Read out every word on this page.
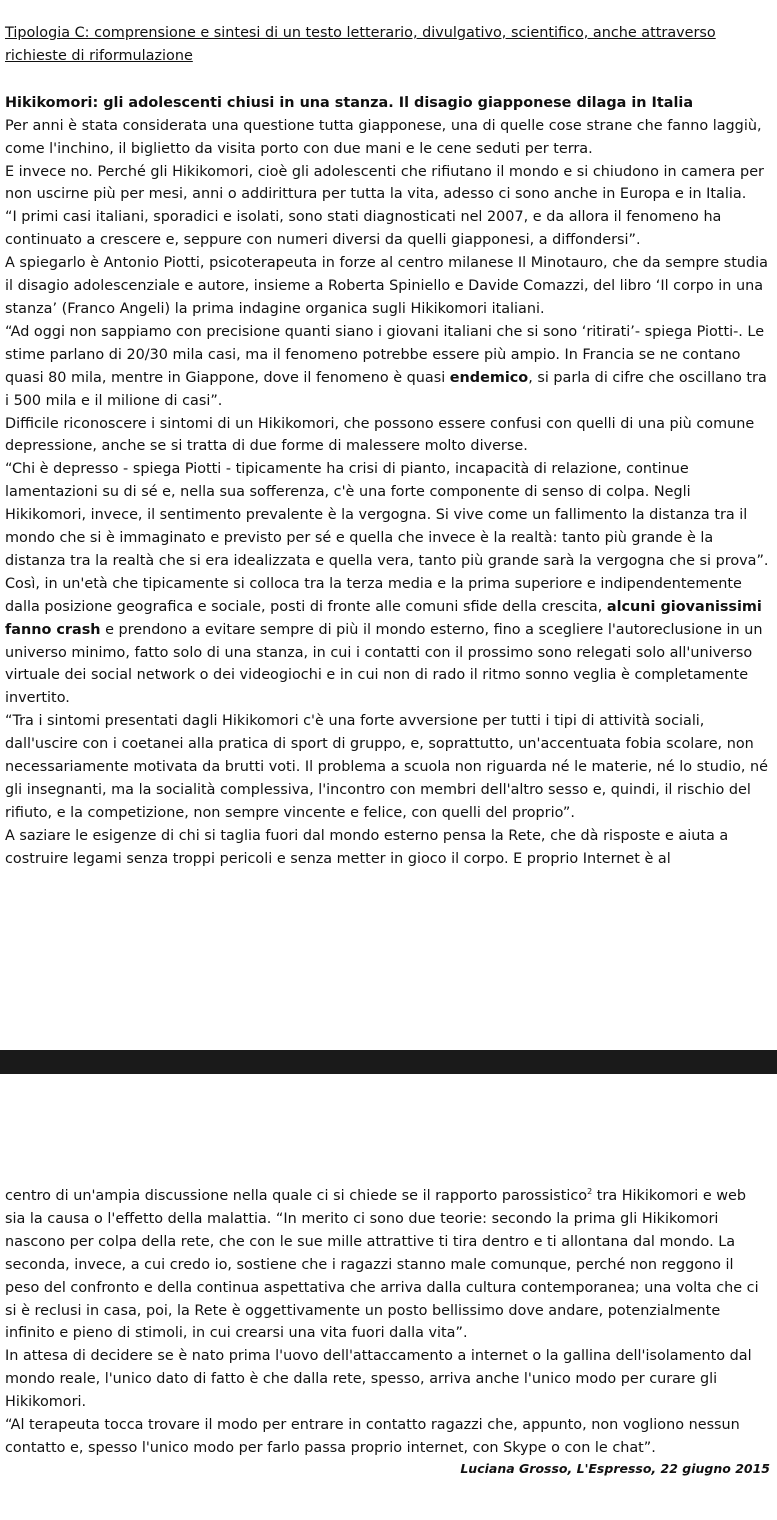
Tipologia C: comprensione e sintesi di un testo letterario, divulgativo, scientifico, anche attraverso richieste di riformulazione

Hikikomori: gli adolescenti chiusi in una stanza. Il disagio giapponese dilaga in Italia

Per anni è stata considerata una questione tutta giapponese, una di quelle cose strane che fanno laggiù, come l'inchino, il biglietto da visita porto con due mani e le cene seduti per terra.

E invece no. Perché gli Hikikomori, cioè gli adolescenti che rifiutano il mondo e si chiudono in camera per non uscirne più per mesi, anni o addirittura per tutta la vita, adesso ci sono anche in Europa e in Italia.

“I primi casi italiani, sporadici e isolati, sono stati diagnosticati nel 2007, e da allora il fenomeno ha continuato a crescere e, seppure con numeri diversi da quelli giapponesi, a diffondersi”.

A spiegarlo è Antonio Piotti, psicoterapeuta in forze al centro milanese Il Minotauro, che da sempre studia il disagio adolescenziale e autore, insieme a Roberta Spiniello e Davide Comazzi, del libro ‘Il corpo in una stanza’ (Franco Angeli) la prima indagine organica sugli Hikikomori italiani.

“Ad oggi non sappiamo con precisione quanti siano i giovani italiani che si sono ‘ritirati’- spiega Piotti-. Le stime parlano di 20/30 mila casi, ma il fenomeno potrebbe essere più ampio. In Francia se ne contano quasi 80 mila, mentre in Giappone, dove il fenomeno è quasi endemico, si parla di cifre che oscillano tra i 500 mila e il milione di casi”.

Difficile riconoscere i sintomi di un Hikikomori, che possono essere confusi con quelli di una più comune depressione, anche se si tratta di due forme di malessere molto diverse.

“Chi è depresso - spiega Piotti - tipicamente ha crisi di pianto, incapacità di relazione, continue lamentazioni su di sé e, nella sua sofferenza, c'è una forte componente di senso di colpa. Negli Hikikomori, invece, il sentimento prevalente è la vergogna. Si vive come un fallimento la distanza tra il mondo che si è immaginato e previsto per sé e quella che invece è la realtà: tanto più grande è la distanza tra la realtà che si era idealizzata e quella vera, tanto più grande sarà la vergogna che si prova”.

Così, in un'età che tipicamente si colloca tra la terza media e la prima superiore e indipendentemente dalla posizione geografica e sociale, posti di fronte alle comuni sfide della crescita, alcuni giovanissimi fanno crash e prendono a evitare sempre di più il mondo esterno, fino a scegliere l'autoreclusione in un universo minimo, fatto solo di una stanza, in cui i contatti con il prossimo sono relegati solo all'universo virtuale dei social network o dei videogiochi e in cui non di rado il ritmo sonno veglia è completamente invertito.

“Tra i sintomi presentati dagli Hikikomori c'è una forte avversione per tutti i tipi di attività sociali, dall'uscire con i coetanei alla pratica di sport di gruppo, e, soprattutto, un'accentuata fobia scolare, non necessariamente motivata da brutti voti. Il problema a scuola non riguarda né le materie, né lo studio, né gli insegnanti, ma la socialità complessiva, l'incontro con membri dell'altro sesso e, quindi, il rischio del rifiuto, e la competizione, non sempre vincente e felice, con quelli del proprio”.

A saziare le esigenze di chi si taglia fuori dal mondo esterno pensa la Rete, che dà risposte e aiuta a costruire legami senza troppi pericoli e senza metter in gioco il corpo. E proprio Internet è al

centro di un'ampia discussione nella quale ci si chiede se il rapporto parossistico$^2$ tra Hikikomori e web sia la causa o l'effetto della malattia. “In merito ci sono due teorie: secondo la prima gli Hikikomori nascono per colpa della rete, che con le sue mille attrattive ti tira dentro e ti allontana dal mondo. La seconda, invece, a cui credo io, sostiene che i ragazzi stanno male comunque, perché non reggono il peso del confronto e della continua aspettativa che arriva dalla cultura contemporanea; una volta che ci si è reclusi in casa, poi, la Rete è oggettivamente un posto bellissimo dove andare, potenzialmente infinito e pieno di stimoli, in cui crearsi una vita fuori dalla vita”.

In attesa di decidere se è nato prima l'uovo dell'attaccamento a internet o la gallina dell'isolamento dal mondo reale, l'unico dato di fatto è che dalla rete, spesso, arriva anche l'unico modo per curare gli Hikikomori.

“Al terapeuta tocca trovare il modo per entrare in contatto ragazzi che, appunto, non vogliono nessun contatto e, spesso l'unico modo per farlo passa proprio internet, con Skype o con le chat”.

Luciana Grosso, L'Espresso, 22 giugno 2015
